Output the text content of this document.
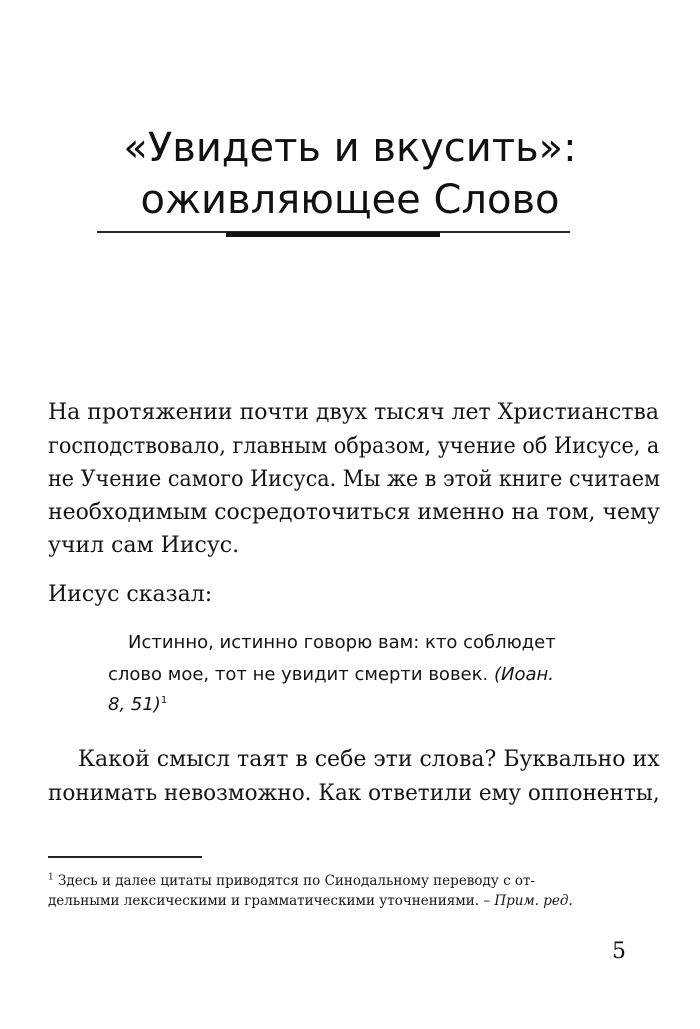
«Увидеть и вкусить»:
оживляющее Слово
На протяжении почти двух тысяч лет Христианства
господствовало, главным образом, учение об Иисусе, а
не Учение самого Иисуса. Мы же в этой книге считаем
необходимым сосредоточиться именно на том, чему
учил сам Иисус.
Иисус сказал:
Истинно, истинно говорю вам: кто соблюдет
слово мое, тот не увидит смерти вовек. (Иоан.
8, 51)$^1$
Какой смысл таят в себе эти слова? Буквально их
понимать невозможно. Как ответили ему оппоненты,
$^1$ Здесь и далее цитаты приводятся по Синодальному переводу с от-
дельными лексическими и грамматическими уточнениями. – Прим. ред.
5
